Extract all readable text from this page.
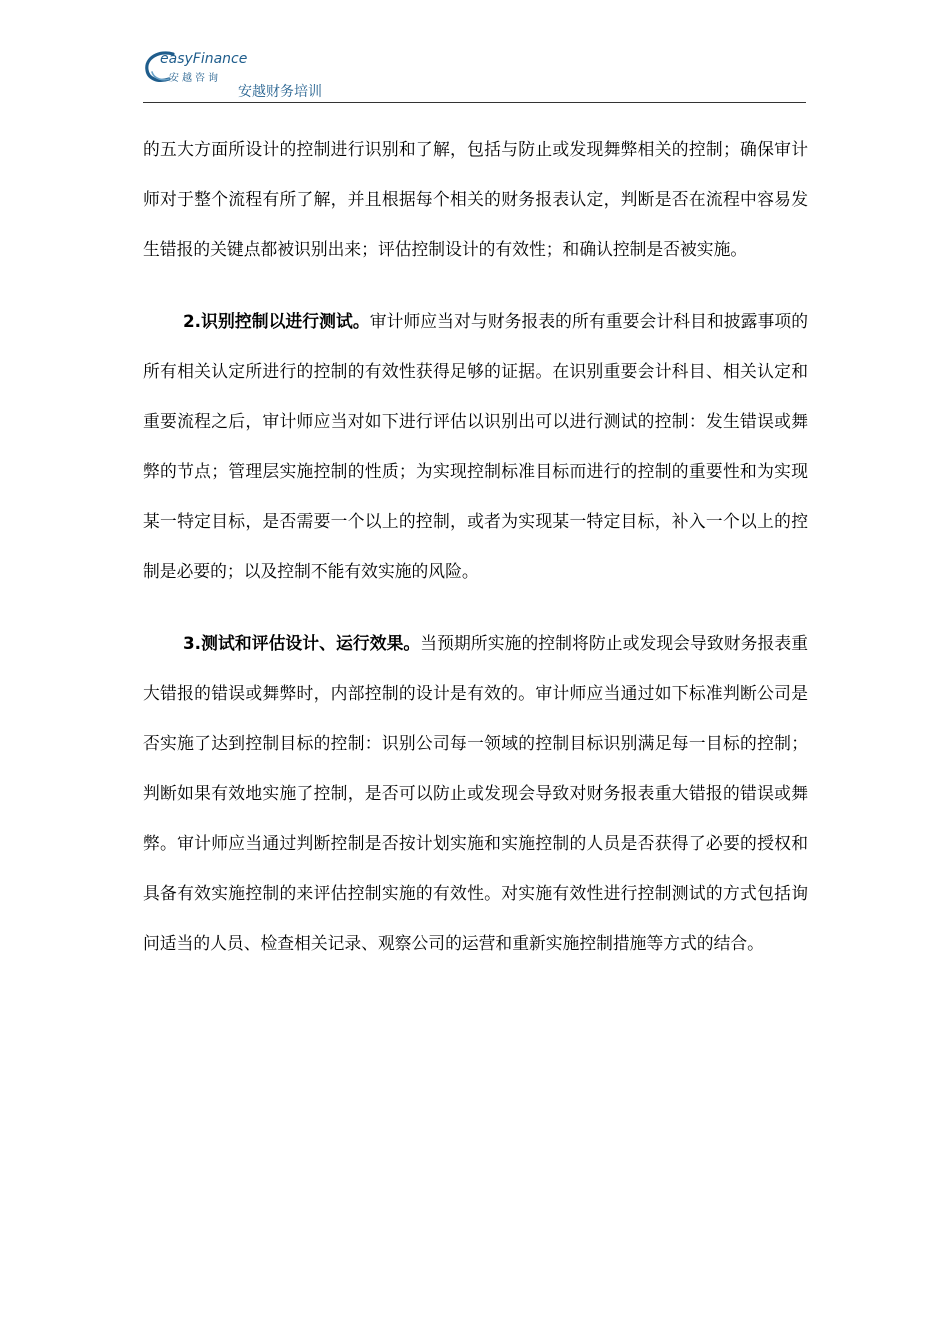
easyFinance
安越咨询
安越财务培训

的五大方面所设计的控制进行识别和了解，包括与防止或发现舞弊相关的控制；确保审计师对于整个流程有所了解，并且根据每个相关的财务报表认定，判断是否在流程中容易发生错报的关键点都被识别出来；评估控制设计的有效性；和确认控制是否被实施。

2.识别控制以进行测试。审计师应当对与财务报表的所有重要会计科目和披露事项的所有相关认定所进行的控制的有效性获得足够的证据。在识别重要会计科目、相关认定和重要流程之后，审计师应当对如下进行评估以识别出可以进行测试的控制：发生错误或舞弊的节点；管理层实施控制的性质；为实现控制标准目标而进行的控制的重要性和为实现某一特定目标，是否需要一个以上的控制，或者为实现某一特定目标，补入一个以上的控制是必要的；以及控制不能有效实施的风险。

3.测试和评估设计、运行效果。当预期所实施的控制将防止或发现会导致财务报表重大错报的错误或舞弊时，内部控制的设计是有效的。审计师应当通过如下标准判断公司是否实施了达到控制目标的控制：识别公司每一领域的控制目标识别满足每一目标的控制；判断如果有效地实施了控制，是否可以防止或发现会导致对财务报表重大错报的错误或舞弊。审计师应当通过判断控制是否按计划实施和实施控制的人员是否获得了必要的授权和具备有效实施控制的来评估控制实施的有效性。对实施有效性进行控制测试的方式包括询问适当的人员、检查相关记录、观察公司的运营和重新实施控制措施等方式的结合。
